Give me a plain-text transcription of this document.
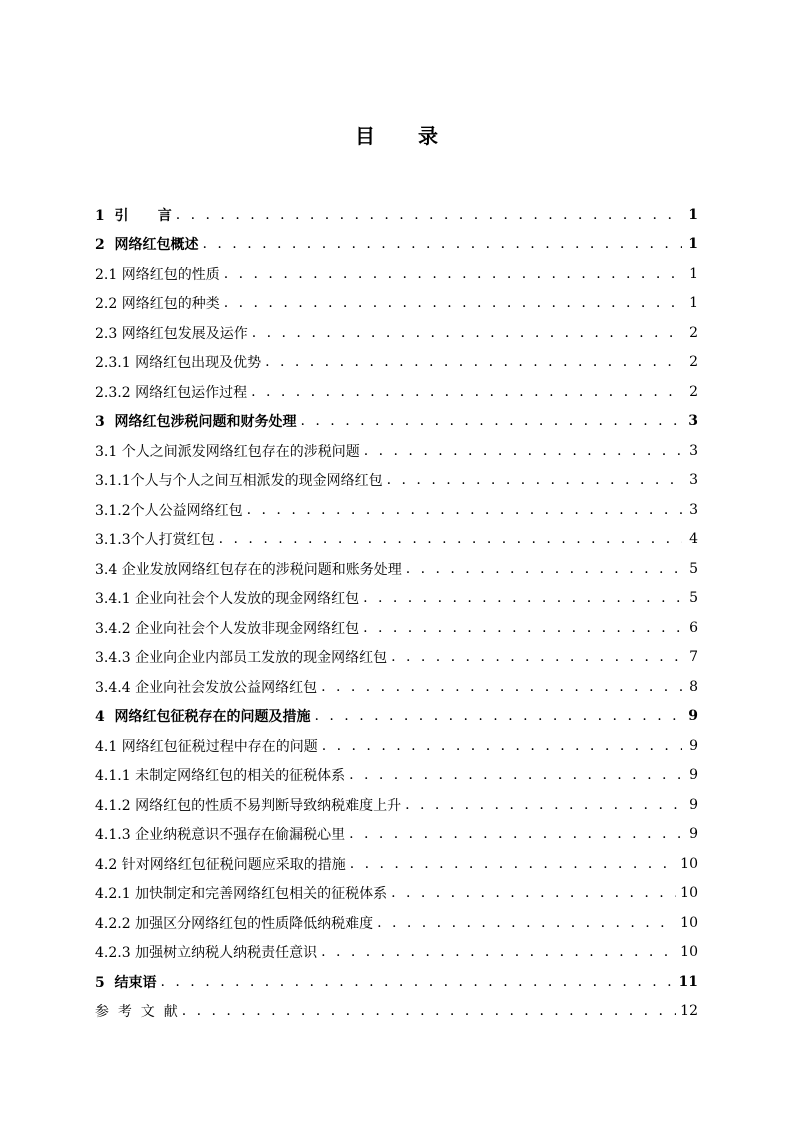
目 录
1  引      言 . . .	1
2  网络红包概述 . . .	1
2.1 网络红包的性质 . . .	1
2.2 网络红包的种类 . . .	1
2.3 网络红包发展及运作 . . .	2
2.3.1 网络红包出现及优势 . . .	2
2.3.2 网络红包运作过程 . . .	2
3  网络红包涉税问题和财务处理 . . .	3
3.1 个人之间派发网络红包存在的涉税问题 . . .	3
3.1.1个人与个人之间互相派发的现金网络红包 . . .	3
3.1.2个人公益网络红包 . . .	3
3.1.3个人打赏红包 . . .	4
3.4 企业发放网络红包存在的涉税问题和账务处理 . . .	5
3.4.1 企业向社会个人发放的现金网络红包 . . .	5
3.4.2 企业向社会个人发放非现金网络红包 . . .	6
3.4.3 企业向企业内部员工发放的现金网络红包 . . .	7
3.4.4 企业向社会发放公益网络红包 . . .	8
4  网络红包征税存在的问题及措施 . . .	9
4.1 网络红包征税过程中存在的问题 . . .	9
4.1.1 未制定网络红包的相关的征税体系 . . .	9
4.1.2 网络红包的性质不易判断导致纳税难度上升 . . .	9
4.1.3 企业纳税意识不强存在偷漏税心里 . . .	9
4.2 针对网络红包征税问题应采取的措施 . . .	10
4.2.1 加快制定和完善网络红包相关的征税体系 . . .	10
4.2.2 加强区分网络红包的性质降低纳税难度 . . .	10
4.2.3 加强树立纳税人纳税责任意识 . . .	10
5  结束语 . . .	11
参  考  文  献 . . .	12
